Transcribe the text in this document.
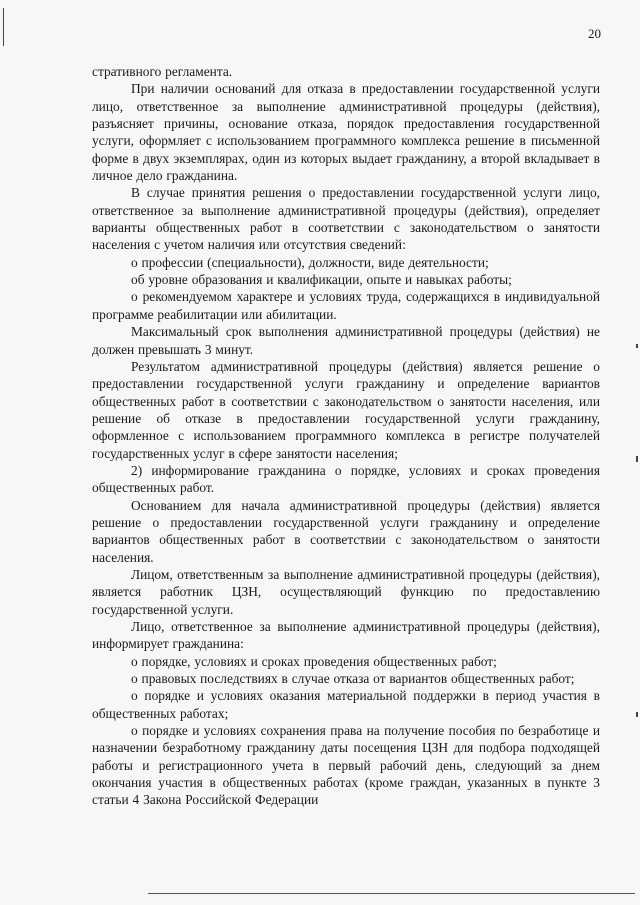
20

стративного регламента.

При наличии оснований для отказа в предоставлении государственной услуги лицо, ответственное за выполнение административной процедуры (действия), разъясняет причины, основание отказа, порядок предоставления государственной услуги, оформляет с использованием программного комплекса решение в письменной форме в двух экземплярах, один из которых выдает гражданину, а второй вкладывает в личное дело гражданина.

В случае принятия решения о предоставлении государственной услуги лицо, ответственное за выполнение административной процедуры (действия), определяет варианты общественных работ в соответствии с законодательством о занятости населения с учетом наличия или отсутствия сведений:

о профессии (специальности), должности, виде деятельности;

об уровне образования и квалификации, опыте и навыках работы;

о рекомендуемом характере и условиях труда, содержащихся в индивидуальной программе реабилитации или абилитации.

Максимальный срок выполнения административной процедуры (действия) не должен превышать 3 минут.

Результатом административной процедуры (действия) является решение о предоставлении государственной услуги гражданину и определение вариантов общественных работ в соответствии с законодательством о занятости населения, или решение об отказе в предоставлении государственной услуги гражданину, оформленное с использованием программного комплекса в регистре получателей государственных услуг в сфере занятости населения;

2) информирование гражданина о порядке, условиях и сроках проведения общественных работ.

Основанием для начала административной процедуры (действия) является решение о предоставлении государственной услуги гражданину и определение вариантов общественных работ в соответствии с законодательством о занятости населения.

Лицом, ответственным за выполнение административной процедуры (действия), является работник ЦЗН, осуществляющий функцию по предоставлению государственной услуги.

Лицо, ответственное за выполнение административной процедуры (действия), информирует гражданина:

о порядке, условиях и сроках проведения общественных работ;

о правовых последствиях в случае отказа от вариантов общественных работ;

о порядке и условиях оказания материальной поддержки в период участия в общественных работах;

о порядке и условиях сохранения права на получение пособия по безработице и назначении безработному гражданину даты посещения ЦЗН для подбора подходящей работы и регистрационного учета в первый рабочий день, следующий за днем окончания участия в общественных работах (кроме граждан, указанных в пункте 3 статьи 4 Закона Российской Федерации
